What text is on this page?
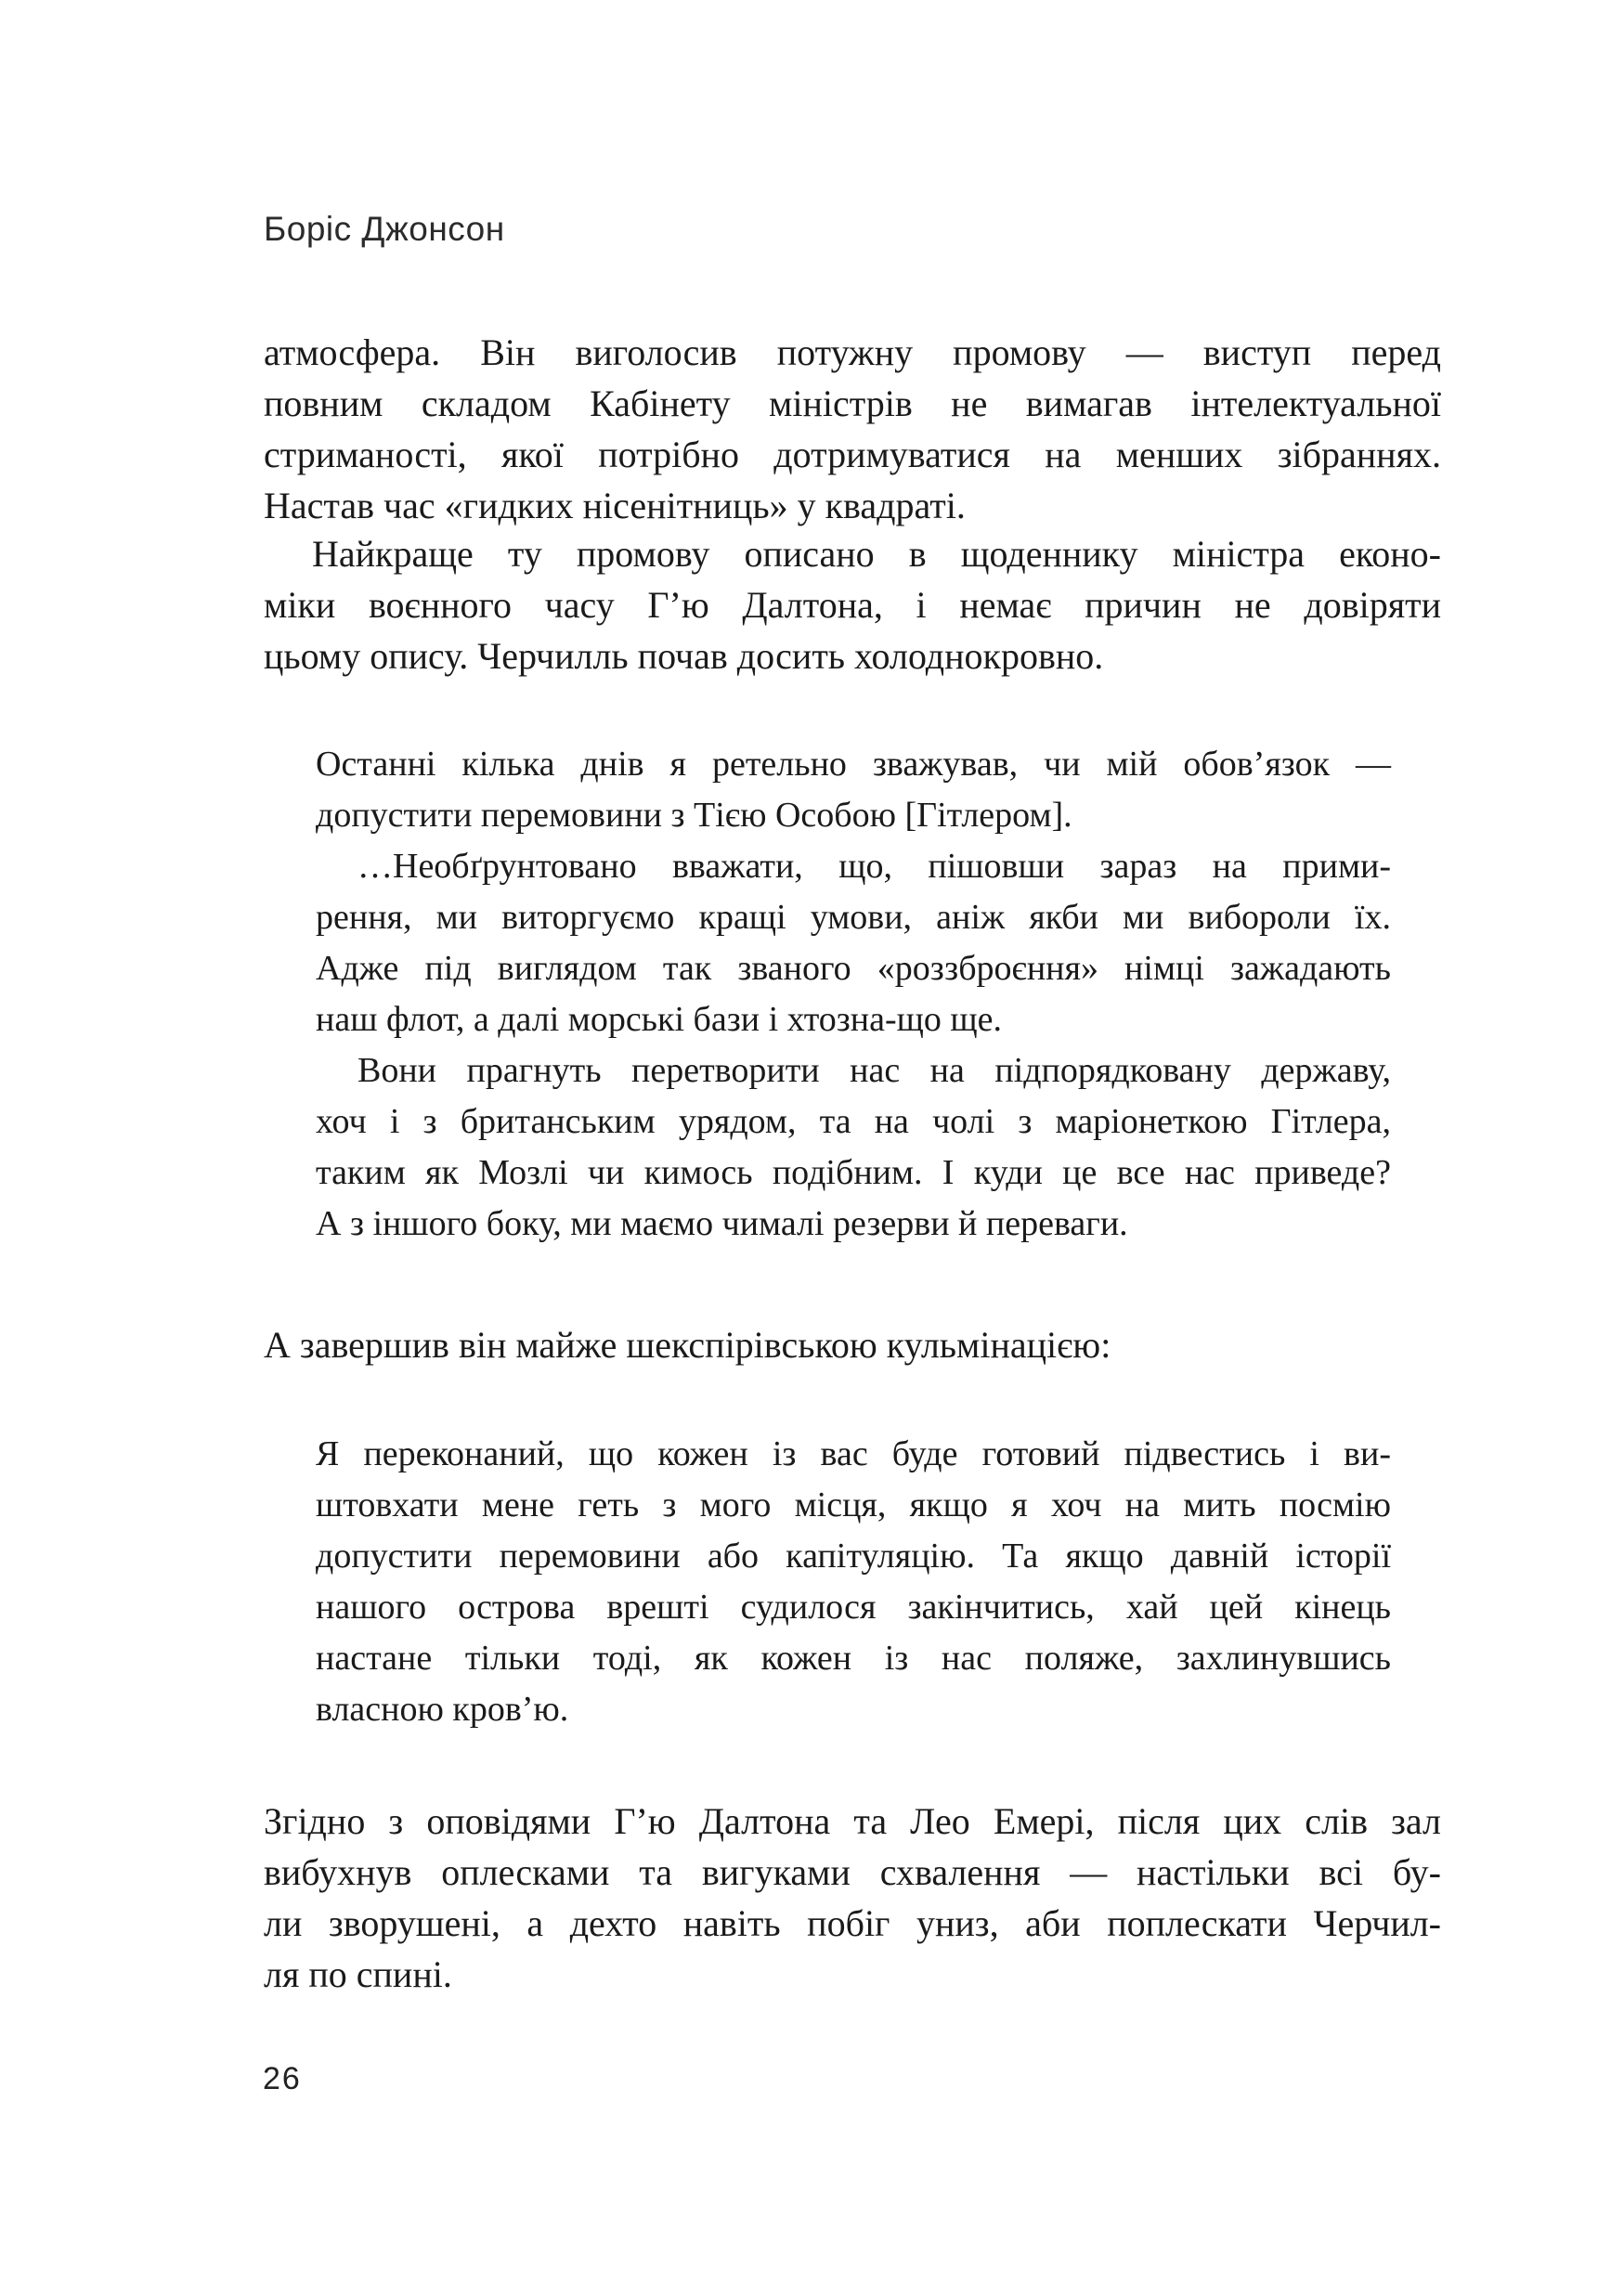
Боріс Джонсон
атмосфера. Він виголосив потужну промову — виступ перед
повним складом Кабінету міністрів не вимагав інтелектуальної
стриманості, якої потрібно дотримуватися на менших зібраннях.
Настав час «гидких нісенітниць» у квадраті.
Найкраще ту промову описано в щоденнику міністра еконо-
міки воєнного часу Г’ю Далтона, і немає причин не довіряти
цьому опису. Черчилль почав досить холоднокровно.
Останні кілька днів я ретельно зважував, чи мій обов’язок —
допустити перемовини з Тією Особою [Гітлером].
…Необґрунтовано вважати, що, пішовши зараз на прими-
рення, ми виторгуємо кращі умови, аніж якби ми вибороли їх.
Адже під виглядом так званого «роззброєння» німці зажадають
наш флот, а далі морські бази і хтозна-що ще.
Вони прагнуть перетворити нас на підпорядковану державу,
хоч і з британським урядом, та на чолі з маріонеткою Гітлера,
таким як Мозлі чи кимось подібним. І куди це все нас приведе?
А з іншого боку, ми маємо чималі резерви й переваги.
А завершив він майже шекспірівською кульмінацією:
Я переконаний, що кожен із вас буде готовий підвестись і ви-
штовхати мене геть з мого місця, якщо я хоч на мить посмію
допустити перемовини або капітуляцію. Та якщо давній історії
нашого острова врешті судилося закінчитись, хай цей кінець
настане тільки тоді, як кожен із нас поляже, захлинувшись
власною кров’ю.
Згідно з оповідями Г’ю Далтона та Лео Емері, після цих слів зал
вибухнув оплесками та вигуками схвалення — настільки всі бу-
ли зворушені, а дехто навіть побіг униз, аби поплескати Черчил-
ля по спині.
26
